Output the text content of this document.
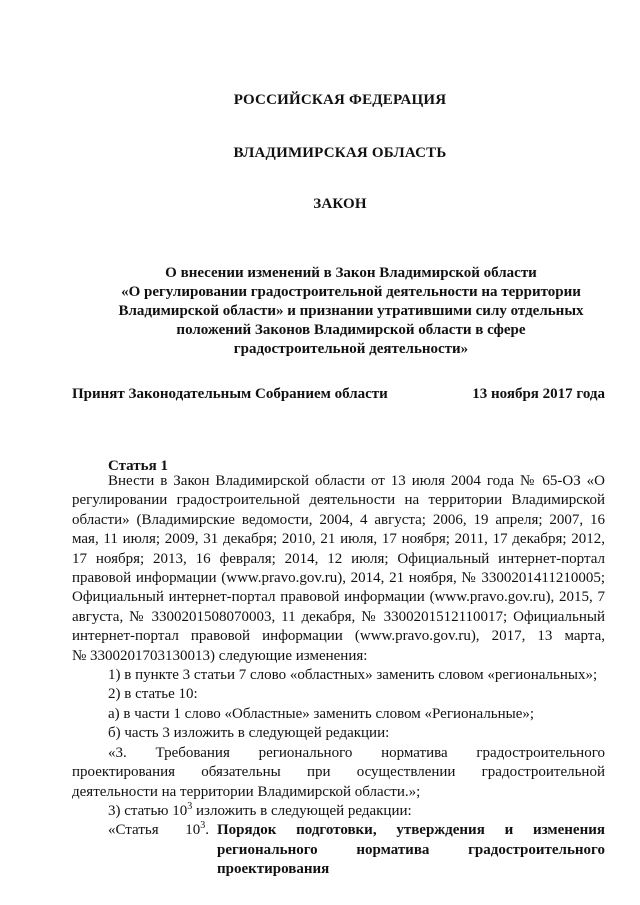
РОССИЙСКАЯ ФЕДЕРАЦИЯ
ВЛАДИМИРСКАЯ ОБЛАСТЬ
ЗАКОН
О внесении изменений в Закон Владимирской области
«О регулировании градостроительной деятельности на территории
Владимирской области» и признании утратившими силу отдельных
положений Законов Владимирской области в сфере
градостроительной деятельности»
Принят Законодательным Собранием области	13 ноября 2017 года
Статья 1
Внести в Закон Владимирской области от 13 июля 2004 года № 65-ОЗ «О
регулировании градостроительной деятельности на территории Владимирской
области» (Владимирские ведомости, 2004, 4 августа; 2006, 19 апреля; 2007, 16
мая, 11 июля; 2009, 31 декабря; 2010, 21 июля, 17 ноября; 2011, 17 декабря; 2012,
17 ноября; 2013, 16 февраля; 2014, 12 июля; Официальный интернет-портал
правовой информации (www.pravo.gov.ru), 2014, 21 ноября, № 3300201411210005;
Официальный интернет-портал правовой информации (www.pravo.gov.ru), 2015, 7
августа, № 3300201508070003, 11 декабря, № 3300201512110017; Официальный
интернет-портал правовой информации (www.pravo.gov.ru), 2017, 13 марта,
№ 3300201703130013) следующие изменения:
1) в пункте 3 статьи 7 слово «областных» заменить словом «региональных»;
2) в статье 10:
а) в части 1 слово «Областные» заменить словом «Региональные»;
б) часть 3 изложить в следующей редакции:
«3. Требования регионального норматива градостроительного
проектирования обязательны при осуществлении градостроительной
деятельности на территории Владимирской области.»;
3) статью $10^3$ изложить в следующей редакции:
«Статья $10^3$. Порядок подготовки, утверждения и изменения
регионального норматива градостроительного
проектирования
